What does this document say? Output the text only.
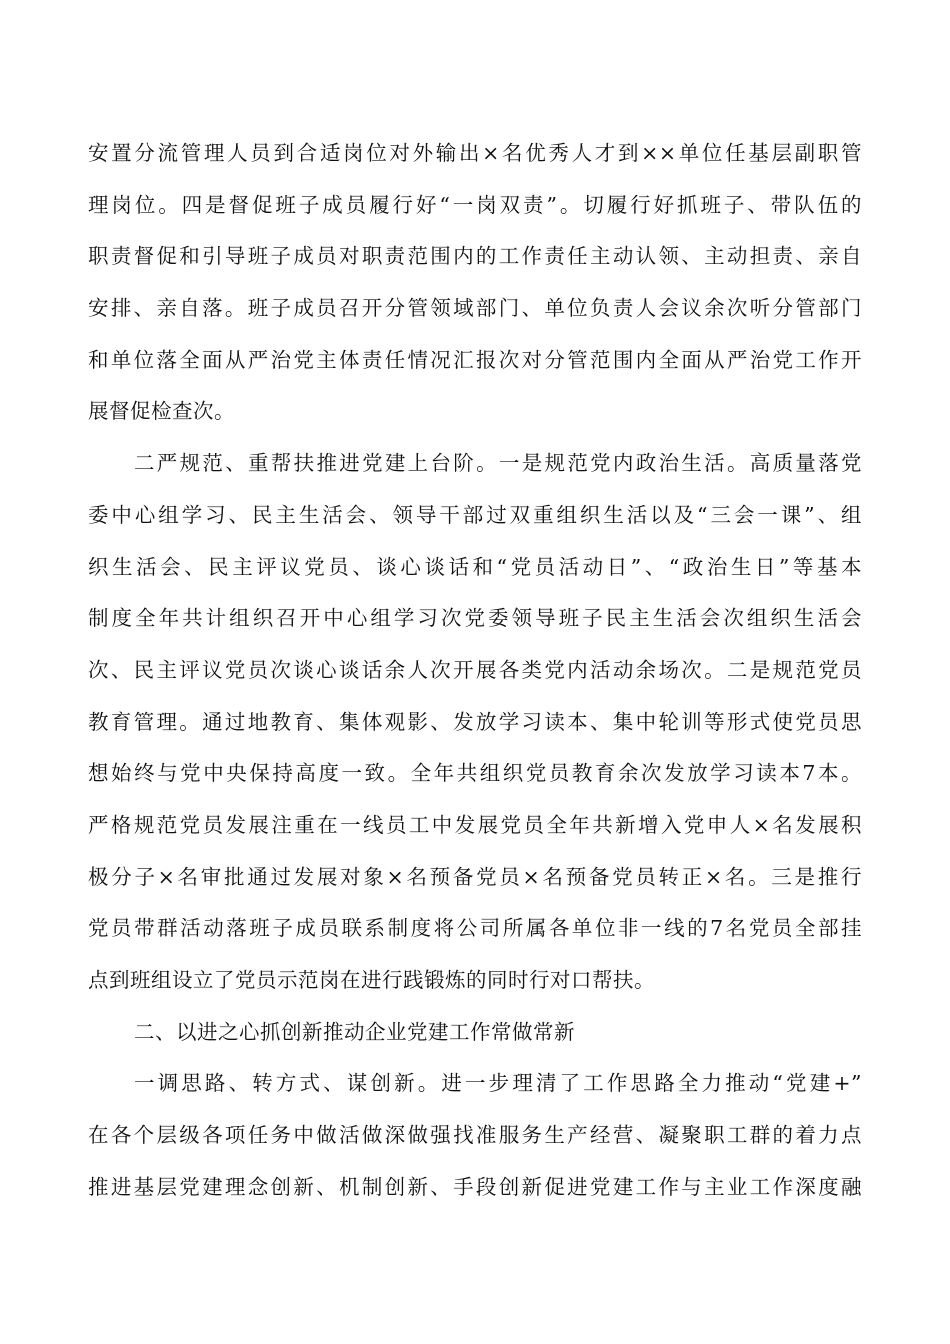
安置分流管理人员到合适岗位对外输出×名优秀人才到××单位任基层副职管
理岗位。四是督促班子成员履行好“一岗双责”。切履行好抓班子、带队伍的
职责督促和引导班子成员对职责范围内的工作责任主动认领、主动担责、亲自
安排、亲自落。班子成员召开分管领域部门、单位负责人会议余次听分管部门
和单位落全面从严治党主体责任情况汇报次对分管范围内全面从严治党工作开
展督促检查次。
二严规范、重帮扶推进党建上台阶。一是规范党内政治生活。高质量落党
委中心组学习、民主生活会、领导干部过双重组织生活以及“三会一课”、组
织生活会、民主评议党员、谈心谈话和“党员活动日”、“政治生日”等基本
制度全年共计组织召开中心组学习次党委领导班子民主生活会次组织生活会
次、民主评议党员次谈心谈话余人次开展各类党内活动余场次。二是规范党员
教育管理。通过地教育、集体观影、发放学习读本、集中轮训等形式使党员思
想始终与党中央保持高度一致。全年共组织党员教育余次发放学习读本7本。
严格规范党员发展注重在一线员工中发展党员全年共新增入党申人×名发展积
极分子×名审批通过发展对象×名预备党员×名预备党员转正×名。三是推行
党员带群活动落班子成员联系制度将公司所属各单位非一线的7名党员全部挂
点到班组设立了党员示范岗在进行践锻炼的同时行对口帮扶。
二、以进之心抓创新推动企业党建工作常做常新
一调思路、转方式、谋创新。进一步理清了工作思路全力推动“党建+”
在各个层级各项任务中做活做深做强找准服务生产经营、凝聚职工群的着力点
推进基层党建理念创新、机制创新、手段创新促进党建工作与主业工作深度融
